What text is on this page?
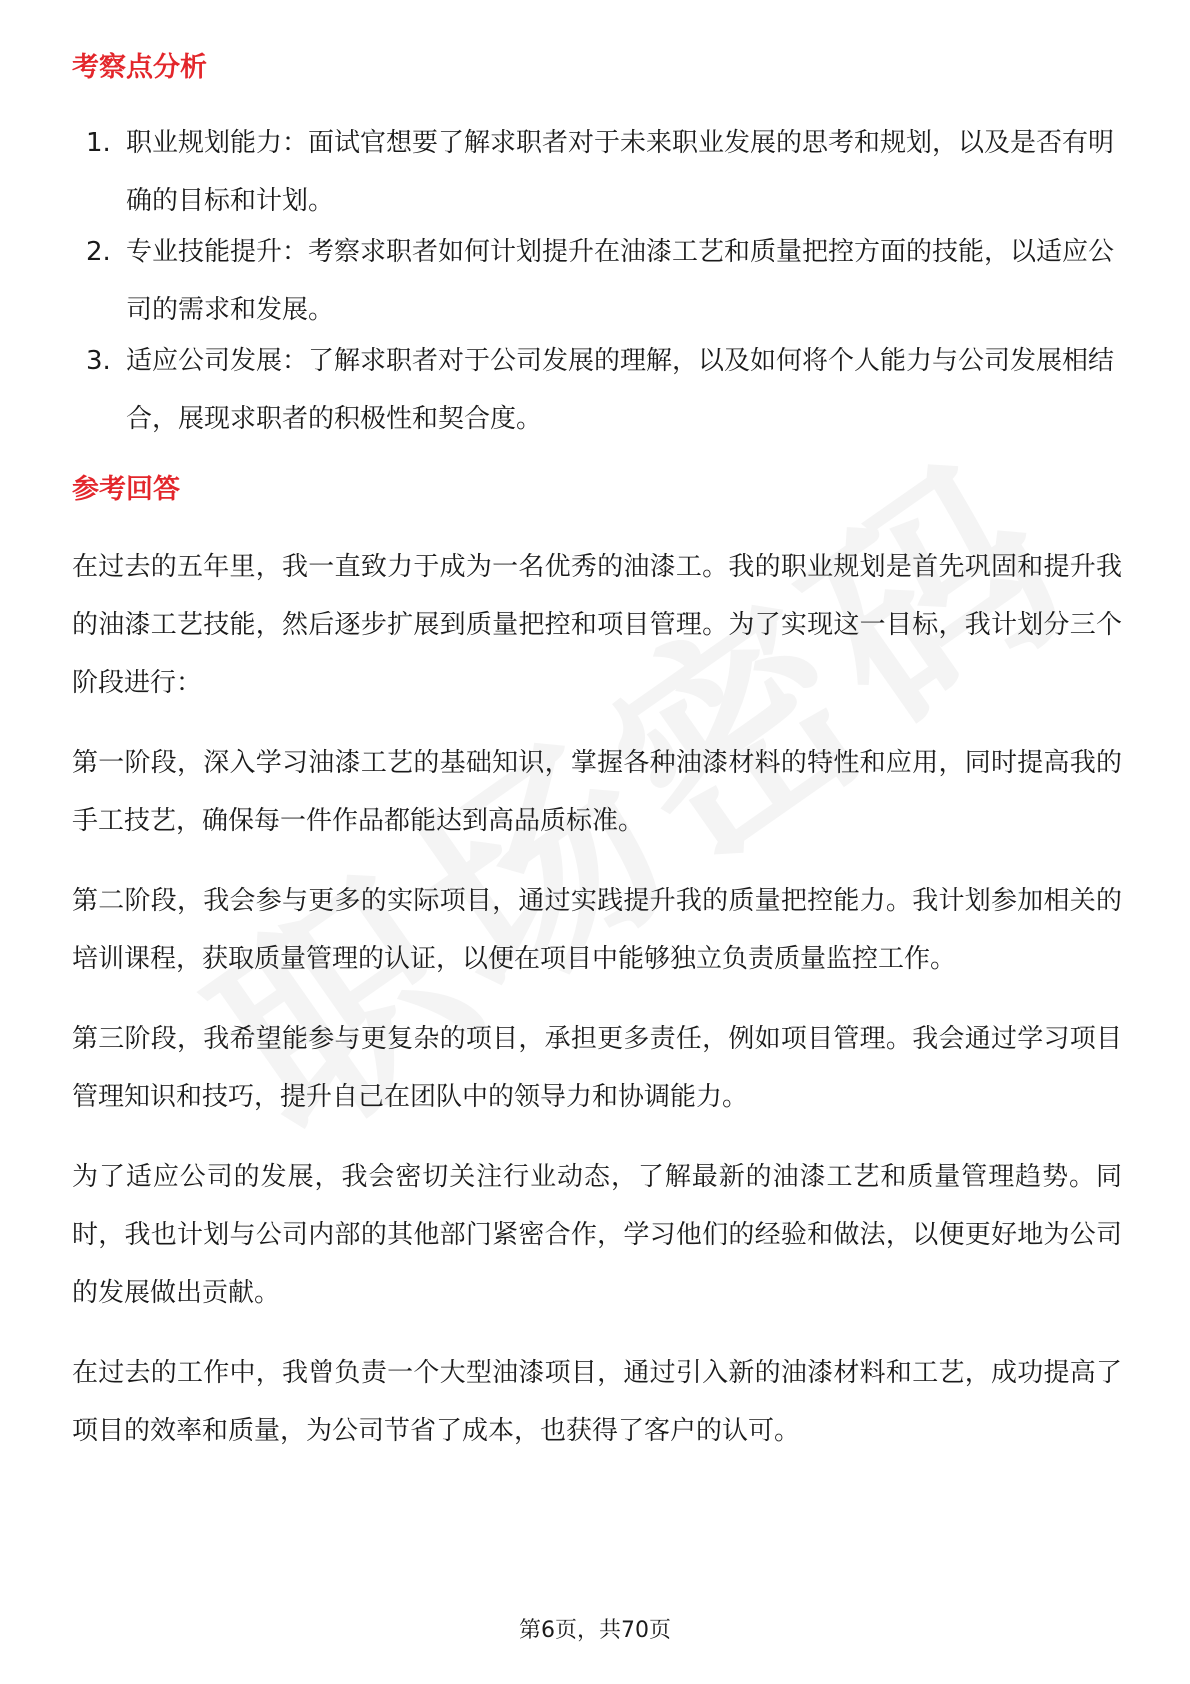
考察点分析
1. 职业规划能力：面试官想要了解求职者对于未来职业发展的思考和规划，以及是否有明确的目标和计划。
2. 专业技能提升：考察求职者如何计划提升在油漆工艺和质量把控方面的技能，以适应公司的需求和发展。
3. 适应公司发展：了解求职者对于公司发展的理解，以及如何将个人能力与公司发展相结合，展现求职者的积极性和契合度。
参考回答

在过去的五年里，我一直致力于成为一名优秀的油漆工。我的职业规划是首先巩固和提升我的油漆工艺技能，然后逐步扩展到质量把控和项目管理。为了实现这一目标，我计划分三个阶段进行：

第一阶段，深入学习油漆工艺的基础知识，掌握各种油漆材料的特性和应用，同时提高我的手工技艺，确保每一件作品都能达到高品质标准。

第二阶段，我会参与更多的实际项目，通过实践提升我的质量把控能力。我计划参加相关的培训课程，获取质量管理的认证，以便在项目中能够独立负责质量监控工作。

第三阶段，我希望能参与更复杂的项目，承担更多责任，例如项目管理。我会通过学习项目管理知识和技巧，提升自己在团队中的领导力和协调能力。

为了适应公司的发展，我会密切关注行业动态，了解最新的油漆工艺和质量管理趋势。同时，我也计划与公司内部的其他部门紧密合作，学习他们的经验和做法，以便更好地为公司的发展做出贡献。

在过去的工作中，我曾负责一个大型油漆项目，通过引入新的油漆材料和工艺，成功提高了项目的效率和质量，为公司节省了成本，也获得了客户的认可。

第6页，共70页
